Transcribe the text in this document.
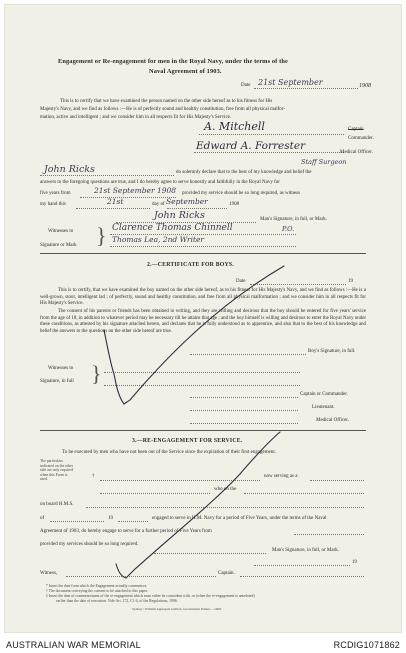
Engagement or Re-engagement for men in the Royal Navy, under the terms of the
Naval Agreement of 1903.
Date 21st September	1908
This is to certify that we have examined the person named on the other side hereof as to his fitness for His
Majesty's Navy, and we find as follows :—He is of perfectly sound and healthy constitution, free from all physical malfor-
mation, active and intelligent ; and we consider him in all respects fit for His Majesty's Service.
A. Mitchell	Captain
Commander.
Edward A. Forrester
Medical Officer.
Staff Surgeon
John Ricks	do solemnly declare that to the best of my knowledge and belief the
answers to the foregoing questions are true, and I do hereby agree to serve honestly and faithfully in the Royal Navy for
five years from	21st September 1908 provided my service should be so long required, as witness
my hand this	21st	day of September	1908
John Ricks	Man's Signature, in full, or Mark.
Witnesses to
Signature or Mark } Clarence Thomas Chinnell	P.O.
Thomas Lea, 2nd Writer
2.—CERTIFICATE FOR BOYS.
Date	19
This is to certify, that we have examined the boy named on the other side hereof, as to his fitness for His Majesty's Navy, and we find as follows :—He is a well-grown, stout, intelligent lad ; of perfectly, sound and healthy constitution, and free from all physical malformation ; and we consider him in all respects fit for His Majesty's Service.
The consent of his parents or friends has been obtained in writing, and they are willing and desirous that the boy should be entered for five years' service from the age of 18, in addition to whatever period may be necessary till he attains that age ; and the boy himself is willing and desirous to enter the Royal Navy under these conditions, as attested by his signature attached hereto, and declares that he is fully understood as to apprentice, and also that to the best of his knowledge and belief the answers to the questions on the other side hereof are true.
Boy's Signature, in full.
Witnesses to
Signature, in full }
Captain or Commander.
Lieutenant.
Medical Officer.
3.—RE-ENGAGEMENT FOR SERVICE.
To be executed by men who have not been out of the Service since the expiration of their first engagement.
The particulars indicated on the other side are only required when this Form is used.
†	now serving as a
who on the
on board H.M.S.
of	19	engaged to serve in H.M. Navy for a period of Five Years, under the terms of the Naval
Agreement of 1903, do hereby engage to serve for a further period of Five Years from
provided my services should be so long required.
Man's Signature, in full, or Mark.
19
Witness,	Captain.
* Insert the date from which the Engagement actually commences.
† The document conveying the consent to be attached to this paper.
‡ Insert the date of commencement of the re-engagement which must either be coincident with, or (when the re-engagement is antedated)
earlier than the date of execution. Vide Art. 172, Cl. 6, of the Regulations, 1906.
Sydney : William Applegate Gullick, Government Printer.—1908.
AUSTRALIAN WAR MEMORIAL	RCDIG1071862
